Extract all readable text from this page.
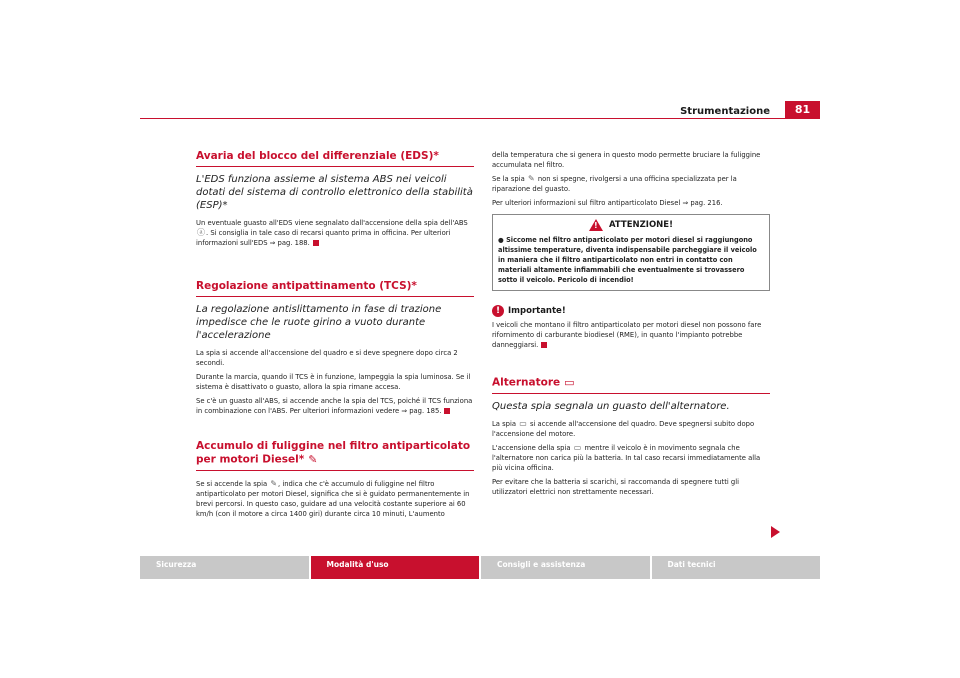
Strumentazione	81
Avaria del blocco del differenziale (EDS)*
L'EDS funziona assieme al sistema ABS nei veicoli dotati del sistema di controllo elettronico della stabilità (ESP)*

Un eventuale guasto all'EDS viene segnalato dall'accensione della spia dell'ABS ⓐ. Si consiglia in tale caso di recarsi quanto prima in officina. Per ulteriori informazioni sull'EDS ⇒ pag. 188.

Regolazione antipattinamento (TCS)*
La regolazione antislittamento in fase di trazione impedisce che le ruote girino a vuoto durante l'accelerazione

La spia si accende all'accensione del quadro e si deve spegnere dopo circa 2 secondi.

Durante la marcia, quando il TCS è in funzione, lampeggia la spia luminosa. Se il sistema è disattivato o guasto, allora la spia rimane accesa.

Se c'è un guasto all'ABS, si accende anche la spia del TCS, poiché il TCS funziona in combinazione con l'ABS. Per ulteriori informazioni vedere ⇒ pag. 185.

Accumulo di fuliggine nel filtro antiparticolato per motori Diesel* ✎

Se si accende la spia ✎, indica che c'è accumulo di fuliggine nel filtro antiparticolato per motori Diesel, significa che si è guidato permanentemente in brevi percorsi. In questo caso, guidare ad una velocità costante superiore ai 60 km/h (con il motore a circa 1400 giri) durante circa 10 minuti, L'aumento

della temperatura che si genera in questo modo permette bruciare la fuliggine accumulata nel filtro.

Se la spia ✎ non si spegne, rivolgersi a una officina specializzata per la riparazione del guasto.

Per ulteriori informazioni sul filtro antiparticolato Diesel ⇒ pag. 216.

! ATTENZIONE!
● Siccome nel filtro antiparticolato per motori diesel si raggiungono altissime temperature, diventa indispensabile parcheggiare il veicolo in maniera che il filtro antiparticolato non entri in contatto con materiali altamente infiammabili che eventualmente si trovassero sotto il veicolo. Pericolo di incendio!
! Importante!

I veicoli che montano il filtro antiparticolato per motori diesel non possono fare rifornimento di carburante biodiesel (RME), in quanto l'impianto potrebbe danneggiarsi.

Alternatore ▭
Questa spia segnala un guasto dell'alternatore.

La spia ▭ si accende all'accensione del quadro. Deve spegnersi subito dopo l'accensione del motore.

L'accensione della spia ▭ mentre il veicolo è in movimento segnala che l'alternatore non carica più la batteria. In tal caso recarsi immediatamente alla più vicina officina.

Per evitare che la batteria si scarichi, si raccomanda di spegnere tutti gli utilizzatori elettrici non strettamente necessari.

Sicurezza	Modalità d'uso	Consigli e assistenza	Dati tecnici
